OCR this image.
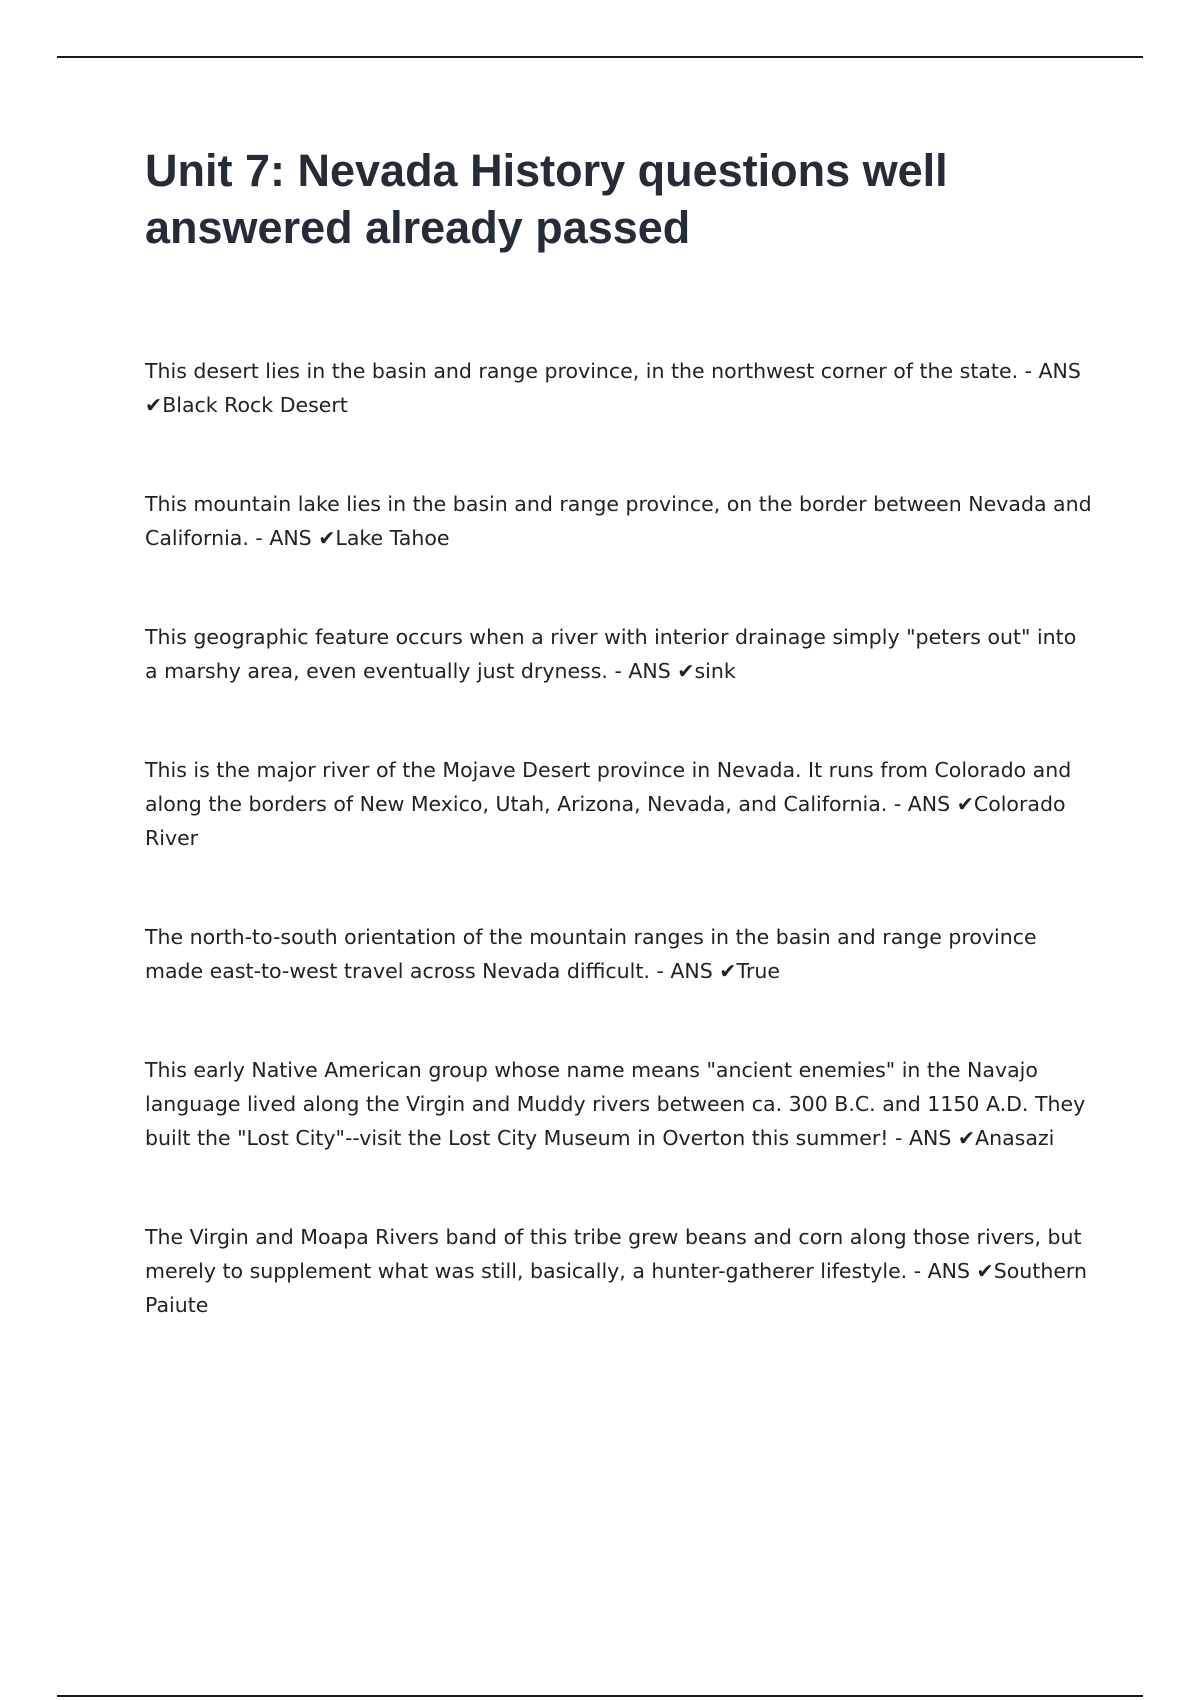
Unit 7: Nevada History questions well answered already passed

This desert lies in the basin and range province, in the northwest corner of the state. - ANS ✔Black Rock Desert

This mountain lake lies in the basin and range province, on the border between Nevada and California. - ANS ✔Lake Tahoe

This geographic feature occurs when a river with interior drainage simply "peters out" into a marshy area, even eventually just dryness. - ANS ✔sink

This is the major river of the Mojave Desert province in Nevada. It runs from Colorado and along the borders of New Mexico, Utah, Arizona, Nevada, and California. - ANS ✔Colorado River

The north-to-south orientation of the mountain ranges in the basin and range province made east-to-west travel across Nevada difficult. - ANS ✔True

This early Native American group whose name means "ancient enemies" in the Navajo language lived along the Virgin and Muddy rivers between ca. 300 B.C. and 1150 A.D. They built the "Lost City"--visit the Lost City Museum in Overton this summer! - ANS ✔Anasazi

The Virgin and Moapa Rivers band of this tribe grew beans and corn along those rivers, but merely to supplement what was still, basically, a hunter-gatherer lifestyle. - ANS ✔Southern Paiute
